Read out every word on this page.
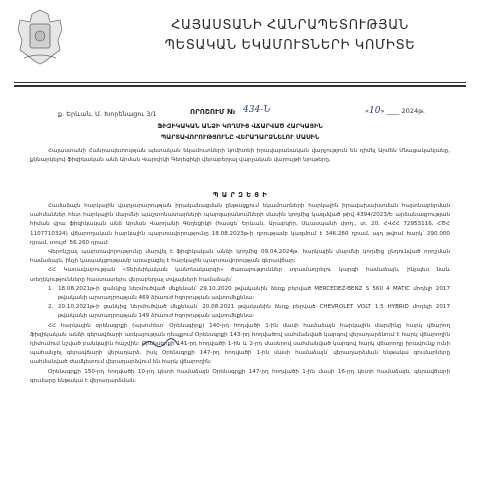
ՀԱՅԱՍՏԱՆԻ ՀԱՆՐԱՊԵՏՈՒԹՅԱՆ
ՊԵՏԱԿԱՆ ԵԿԱՄՈՒՏՆԵՐԻ ԿՈՄԻՏԵ
ք. Երևան, Մ. Խորենացու 3/1	ՈՐՈՇՈՒՄ № 434-Ն	«10» ____ 2024թ.
ՖԻԶԻԿԱԿԱՆ ԱՆՁԻ ԿՈՂՄԻՑ ՎՃԱՐՎԱԾ ՀԱՐԿԱՅԻՆ
ՊԱՐՏԱՎՈՐՈՒԹՅՈՒՆԸ ՎԵՐԱԴԱՐՁՆԵԼՈՒ ՄԱՍԻՆ
Հայաստանի Հանրապետության պետական եկամուտների կոմիտեի իրավաբանական վարչություն են դիմել Արմեն Մնացականյանը, քննարկելով ֆիզիկական անձ Արման Վարդիկի Գեղեցիկի վերաբերյալ վարչական վարույթի նյութերը,
Պ Ա Ր Զ Ե Ց Ի

Համաձայն հարկային վարչարարության իրականացման ընթացքում եկամուտների հարկային իրավախախտման հայտնաբերման սահմաններ հետ հարկային մարմնի պաշտոնատարների պարզաբանումների մասին կողմից կազմված թիվ 4394/2023/Ե արձանագրության հիման վրա ֆիզիկական անձ Արման Վարդանի Գեղեցիկի (հասցե՝ Երևան, Արաբկիր, Սևասպանի փող., տ. 20, ՀՎՀՀ 72953116, ՀԾՀ 1107710324) վճարողական հարկային պարտավորությունը 18.08.2023թ-ի դրությամբ կազմում է 346.260 դրամ, այդ թվում հարկ՝ 290.000 դրամ, տույժ՝ 56.260 դրամ:

Վերոնշյալ պարտավորությունը մարվել է ֆիզիկական անձի կողմից 09.04.2024թ. հարկային մարմնի կողմից ընդունված որոշման համաձայն, ինչի կապակցությամբ առաջացել է հարկային պարտավորության գերավճար:

ՀՀ Կառավարության «Տեխնիկական կանոնակարգի» ծառայություններ տրամադրելու կարգի համաձայն, ինչպես նաև տեղեկությունները հաստատելու վերաբերյալ տվյալների համաձայն՝

1. 18.08.2021թ-ի ցանկից ներմուծված մեքենան՝ 29.10.2020 թվականին ձեռք բերված MERCEDEZ-BENZ S 560 4 MATIC մոդելի 2017 թվականի արտադրության 469 ձիաուժ հզորության ավտոմեքենա:

2. 20.10.2021թ-ի ցանկից ներմուծված մեքենան՝ 20.08.2021 թվականին ձեռք բերված CHEVROLET VOLT 1.5 HYBRID մոդելի 2017 թվականի արտադրության 149 ձիաուժ հզորության ավտոմեքենա:

ՀՀ հարկային օրենսգրքի (այսուհետ՝ Օրենսգիրք) 140-րդ հոդվածի 1-ին մասի համաձայն հարկային մարմինը հարկ վճարող ֆիզիկական անձի գերավճարի առկայության դեպքում Օրենսգրքի 143-րդ հոդվածով սահմանված կարգով վերադարձնում է հարկ վճարողին դիմումում նշված բանկային հաշվին: Օրենսգրքի 141-րդ հոդվածի 1-ին և 2-րդ մասերով սահմանված կարգով հարկ վճարողը իրավունք ունի պահանջել գերավճարի վերադարձ, իսկ Օրենսգրքի 147-րդ հոդվածի 1-ին մասի համաձայն՝ վերադարձման ենթակա գումարները սահմանված ժամկետում վերադարձվում են հարկ վճարողին:

Օրենսգրքի 150-րդ հոդվածի 10-րդ կետի համաձայն Օրենսգրքի 147-րդ հոդվածի 1-ին մասի 16-րդ կետի համաձայն, գերավճարի գումարը ենթակա է վերադարձման:
